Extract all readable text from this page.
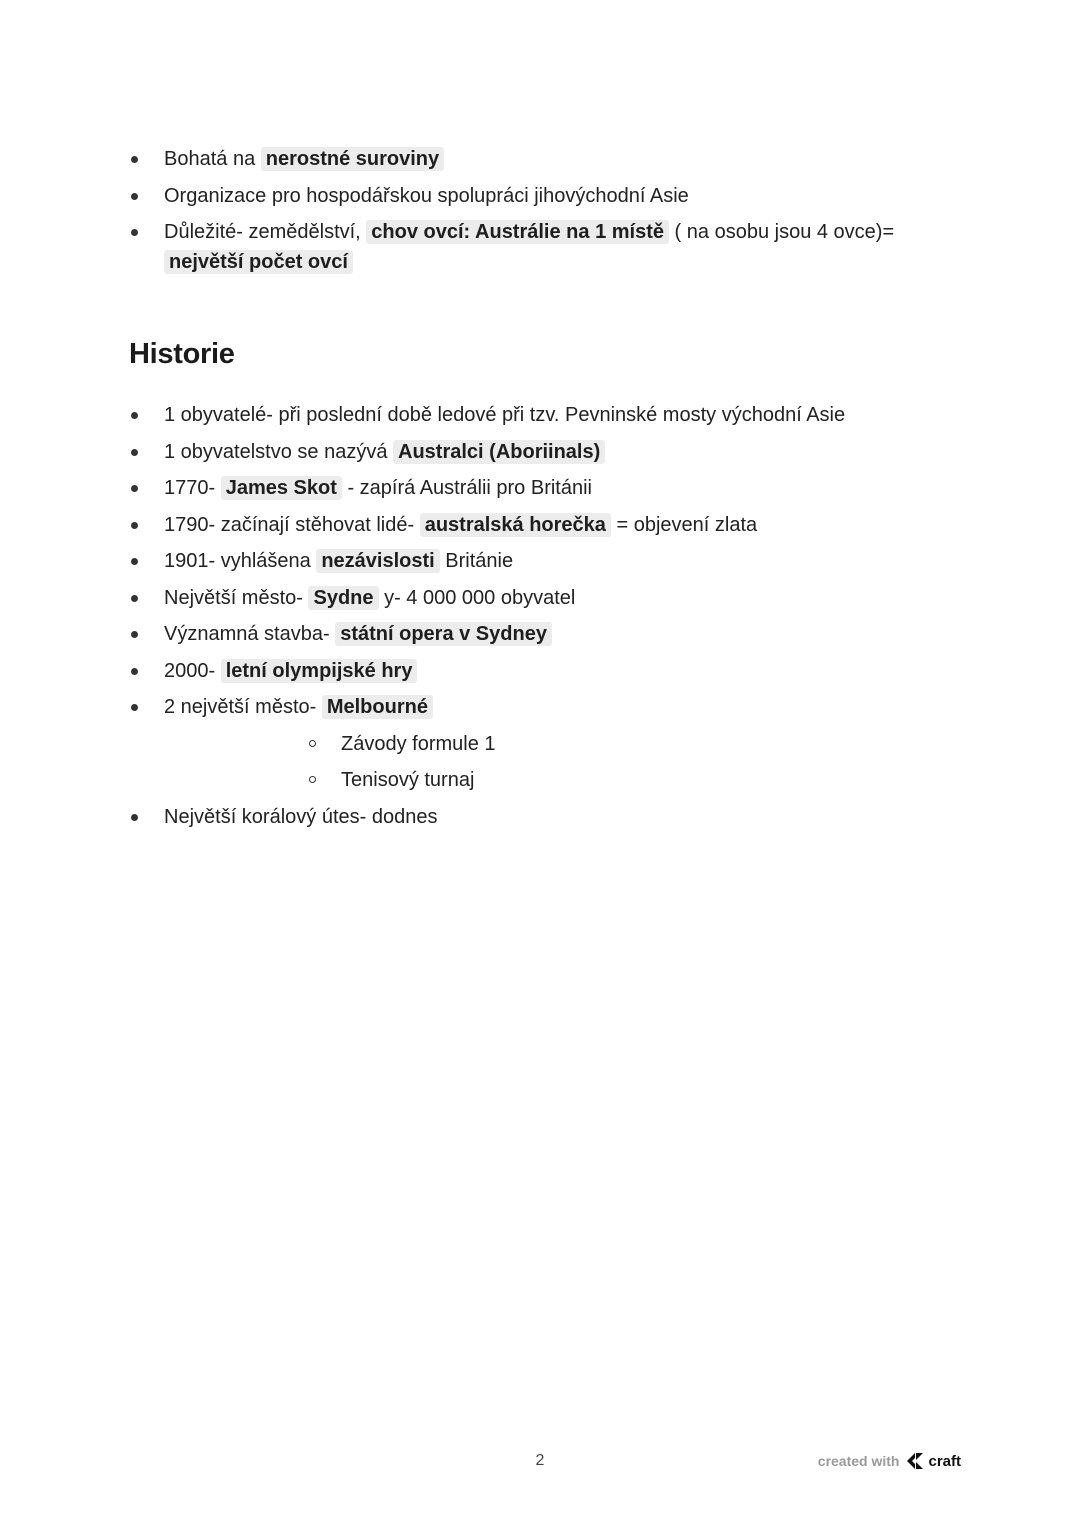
Bohatá na nerostné suroviny
Organizace pro hospodářskou spolupráci jihovýchodní Asie
Důležité- zemědělství, chov ovcí: Austrálie na 1 místě ( na osobu jsou 4 ovce)= největší počet ovcí
Historie
1 obyvatelé- při poslední době ledové při tzv. Pevninské mosty východní Asie
1 obyvatelstvo se nazývá Australci (Aboriinals)
1770- James Skot - zapírá Austrálii pro Británii
1790- začínají stěhovat lidé- australská horečka = objevení zlata
1901- vyhlášena nezávislosti Británie
Největší město- Sydne y- 4 000 000 obyvatel
Významná stavba- státní opera v Sydney
2000- letní olympijské hry
2 největší město- Melbourné
Závody formule 1
Tenisový turnaj
Největší korálový útes- dodnes
2	created with craft
